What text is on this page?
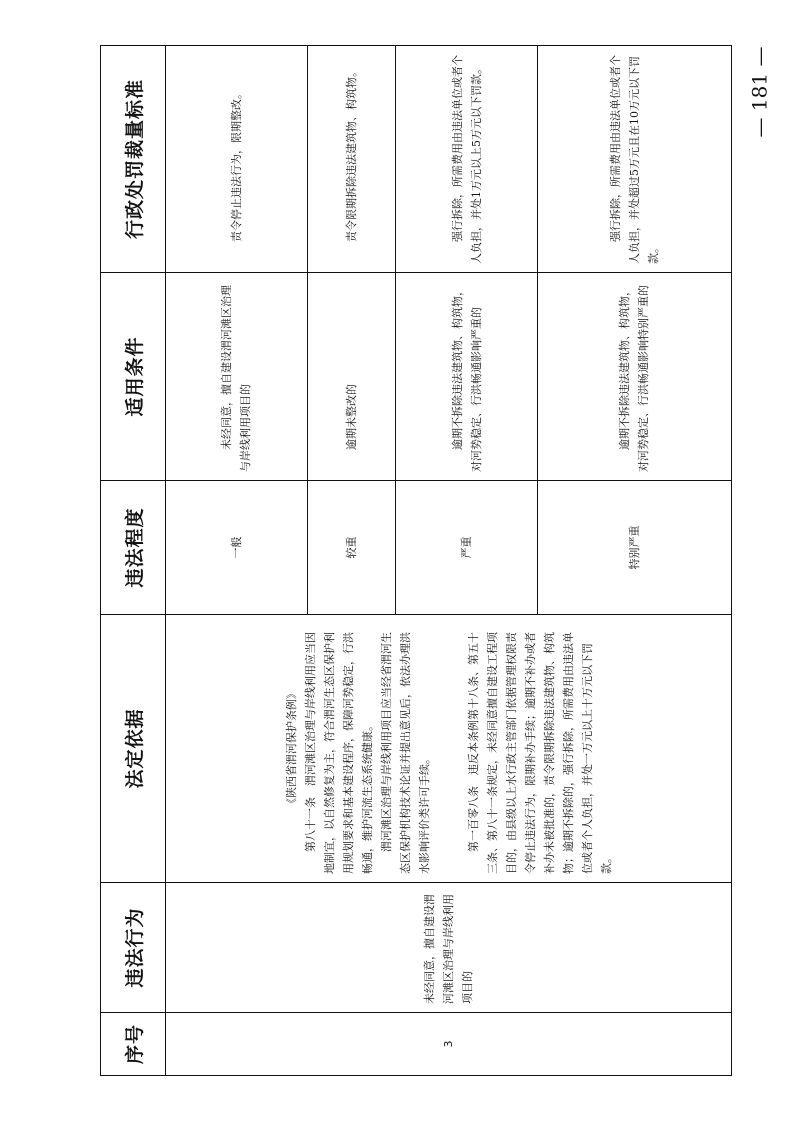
序号	违法行为	法定依据	违法程度	适用条件	行政处罚裁量标准
3	未经同意，擅自建设渭河滩区治理与岸线利用项目的	《陕西省渭河保护条例》 第八十一条　渭河滩区治理与岸线利用应当因地制宜，以自然修复为主，符合渭河生态区保护利用规划要求和基本建设程序，保障河势稳定，行洪畅通，维护河流生态系统健康。 渭河滩区治理与岸线利用项目应当经省渭河生态区保护机构技术论证并提出意见后，依法办理洪水影响评价类许可手续。 第一百零八条　违反本条例第十八条、第五十三条、第八十一条规定，未经同意擅自建设工程项目的，由县级以上水行政主管部门依据管理权限责令停止违法行为，限期补办手续；逾期不补办或者补办未被批准的，责令限期拆除违法建筑物、构筑物；逾期不拆除的，强行拆除，所需费用由违法单位或者个人负担，并处一万元以上十万元以下罚款。	一般	未经同意，擅自建设渭河滩区治理与岸线利用项目的	责令停止违法行为，限期整改。

			较重	逾期未整改的	责令限期拆除违法建筑物、构筑物。

			严重	逾期不拆除违法建筑物、构筑物，对河势稳定、行洪畅通影响严重的	强行拆除，所需费用由违法单位或者个人负担，并处1万元以上5万元以下罚款。

			特别严重	逾期不拆除违法建筑物、构筑物，对河势稳定、行洪畅通影响特别严重的	强行拆除，所需费用由违法单位或者个人负担，并处超过5万元且在10万元以下罚款。
— 181 —
